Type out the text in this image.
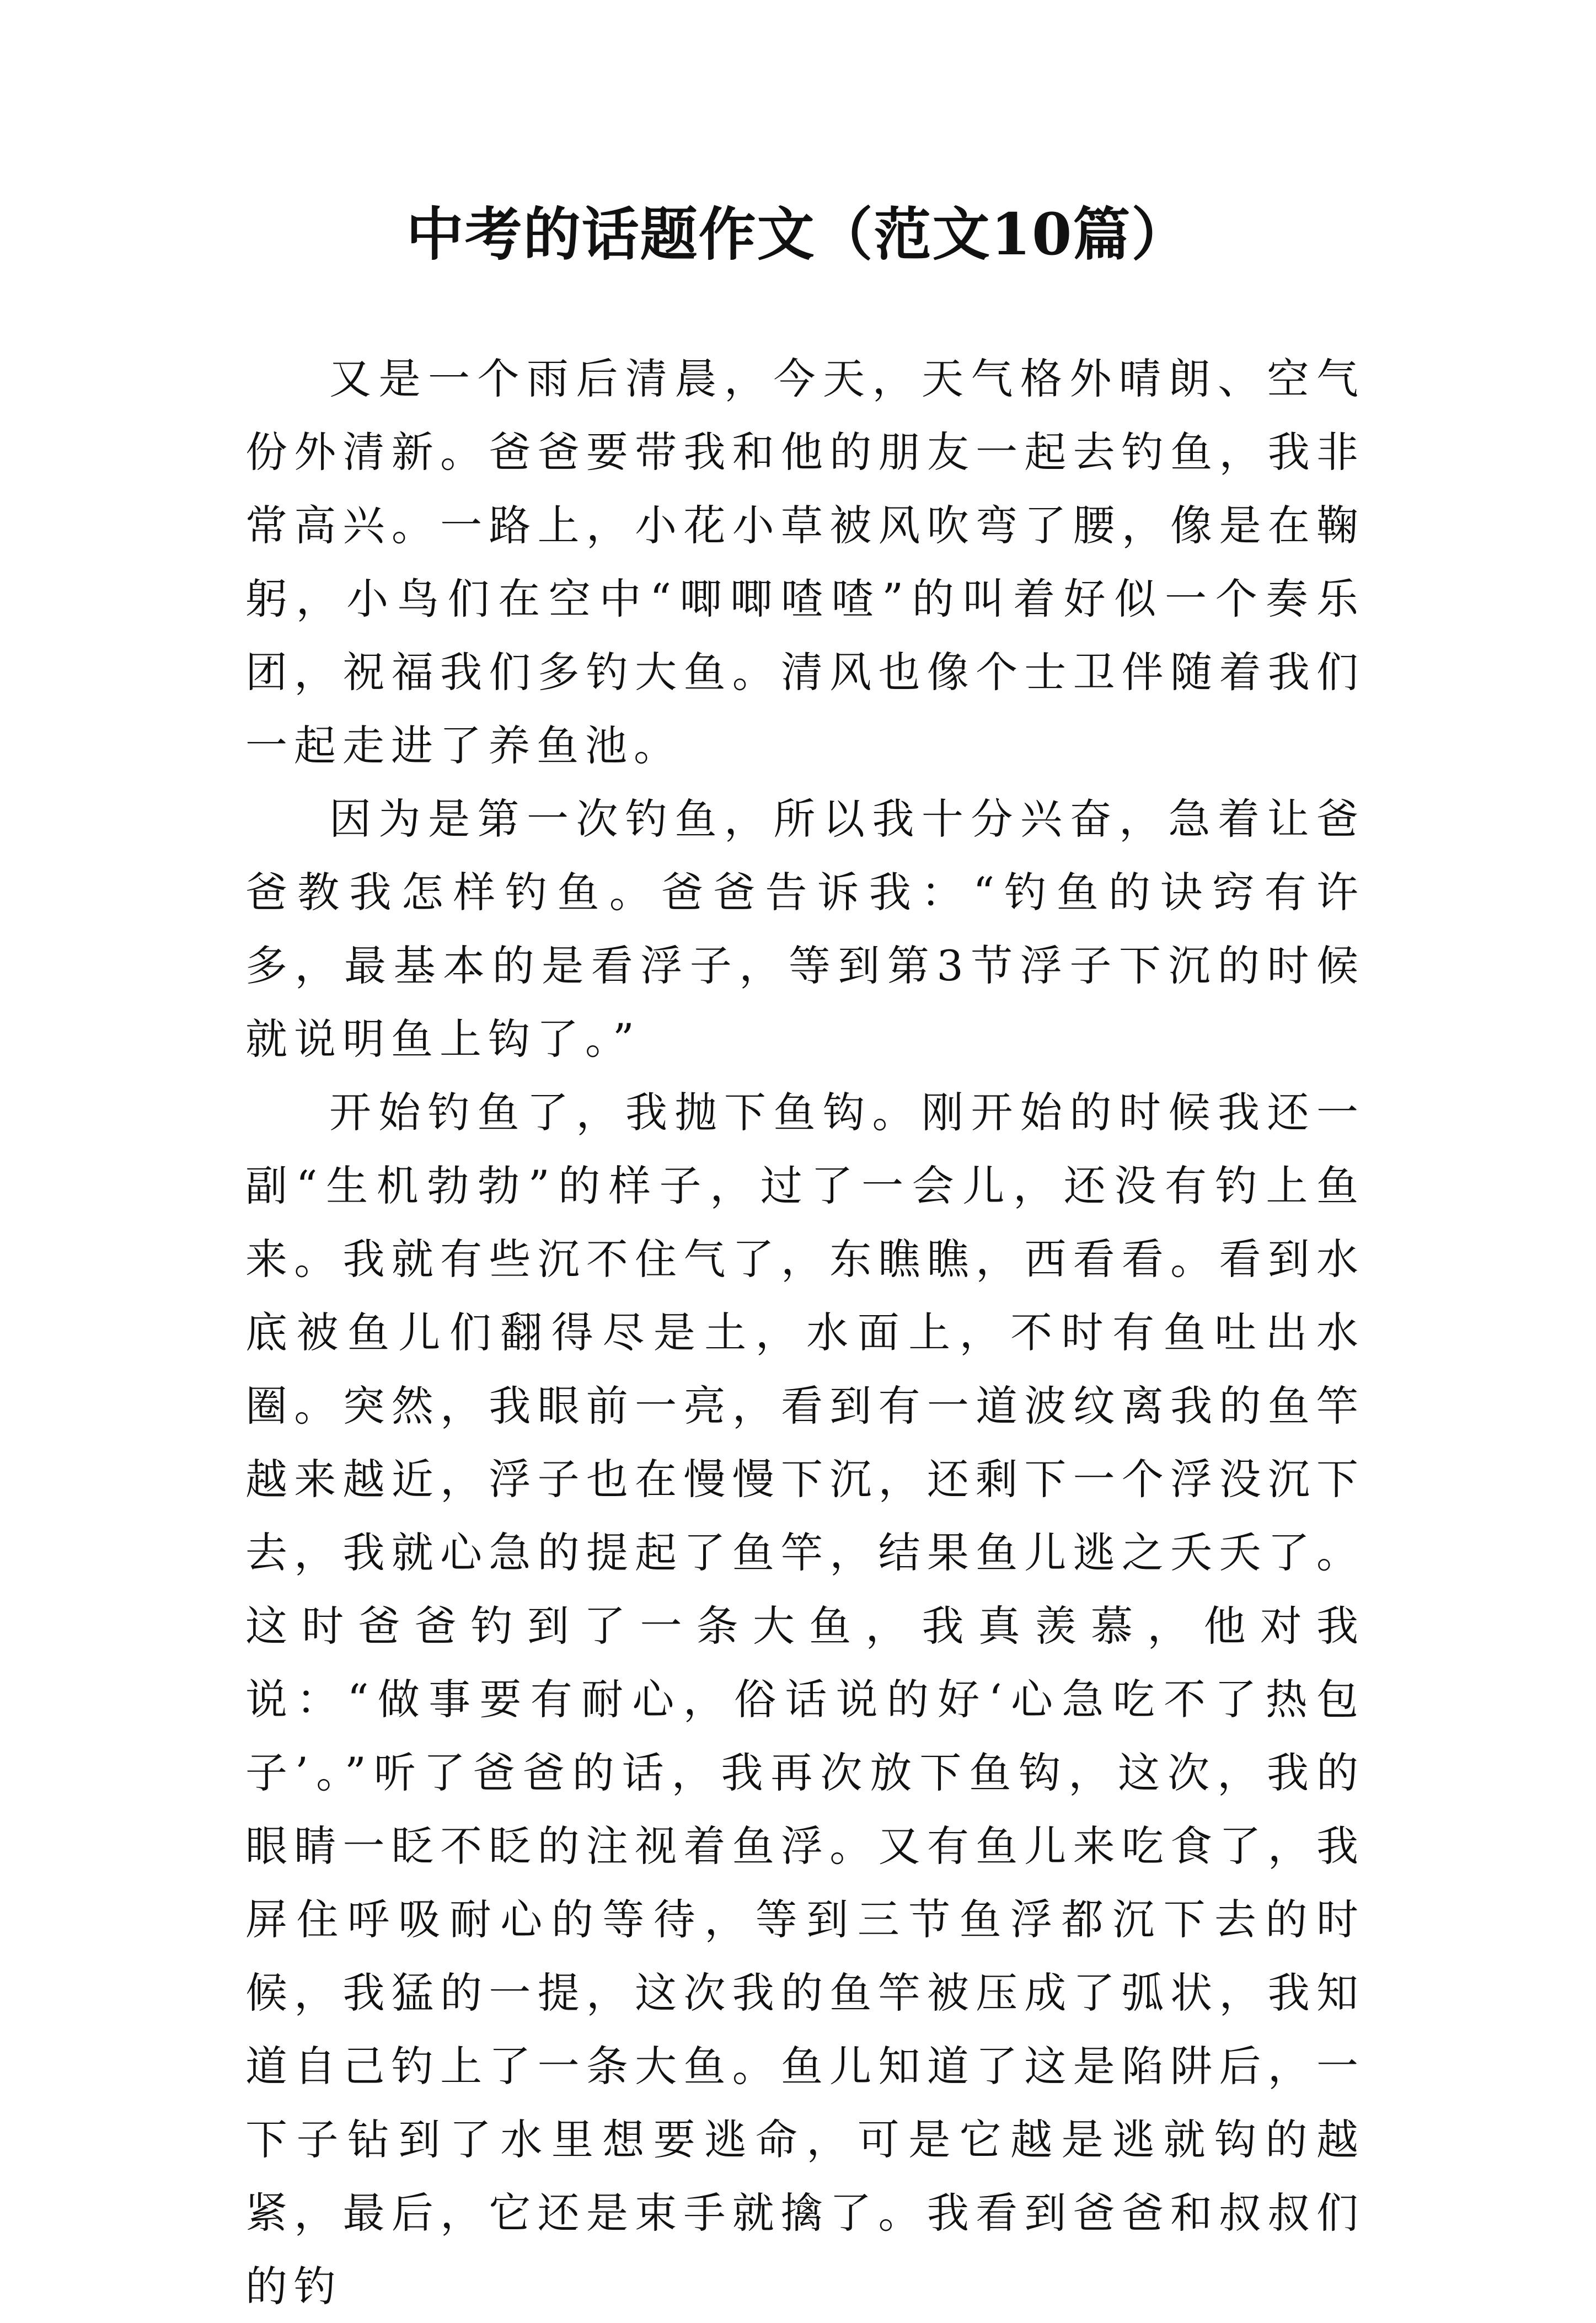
中考的话题作文（范文10篇）

又是一个雨后清晨，今天，天气格外晴朗、空气份外清新。爸爸要带我和他的朋友一起去钓鱼，我非常高兴。一路上，小花小草被风吹弯了腰，像是在鞠躬，小鸟们在空中“唧唧喳喳”的叫着好似一个奏乐团，祝福我们多钓大鱼。清风也像个士卫伴随着我们一起走进了养鱼池。

因为是第一次钓鱼，所以我十分兴奋，急着让爸爸教我怎样钓鱼。爸爸告诉我：“钓鱼的诀窍有许多，最基本的是看浮子，等到第3节浮子下沉的时候就说明鱼上钩了。”

开始钓鱼了，我抛下鱼钩。刚开始的时候我还一副“生机勃勃”的样子，过了一会儿，还没有钓上鱼来。我就有些沉不住气了，东瞧瞧，西看看。看到水底被鱼儿们翻得尽是土，水面上，不时有鱼吐出水圈。突然，我眼前一亮，看到有一道波纹离我的鱼竿越来越近，浮子也在慢慢下沉，还剩下一个浮没沉下去，我就心急的提起了鱼竿，结果鱼儿逃之夭夭了。这时爸爸钓到了一条大鱼，我真羡慕，他对我说：“做事要有耐心，俗话说的好‘心急吃不了热包子’。”听了爸爸的话，我再次放下鱼钩，这次，我的眼睛一眨不眨的注视着鱼浮。又有鱼儿来吃食了，我屏住呼吸耐心的等待，等到三节鱼浮都沉下去的时候，我猛的一提，这次我的鱼竿被压成了弧状，我知道自己钓上了一条大鱼。鱼儿知道了这是陷阱后，一下子钻到了水里想要逃命，可是它越是逃就钩的越紧，最后，它还是束手就擒了。我看到爸爸和叔叔们的钓
